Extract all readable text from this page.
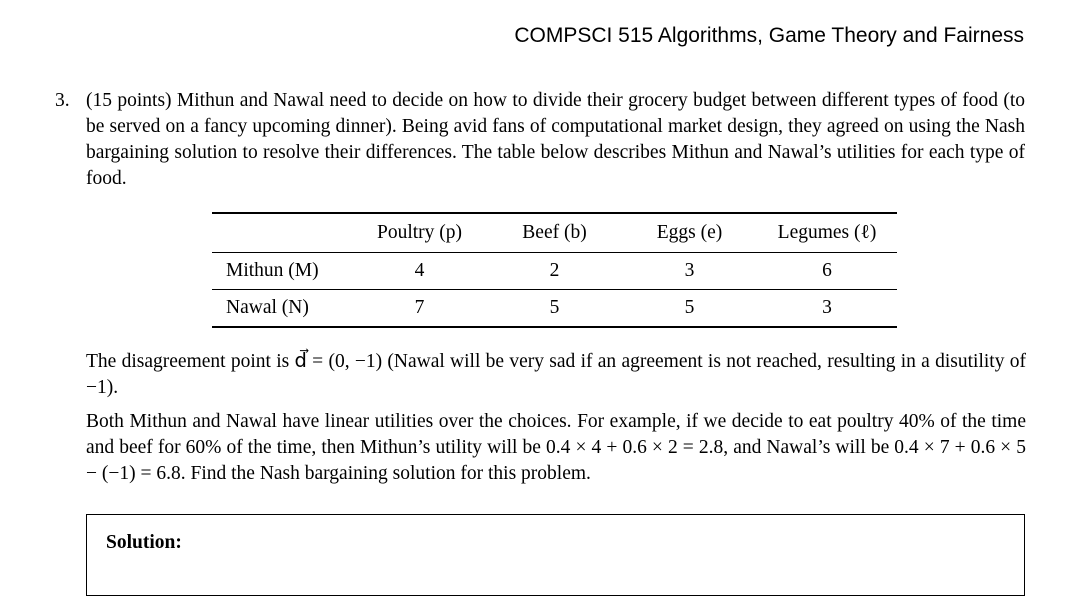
COMPSCI 515 Algorithms, Game Theory and Fairness
3. (15 points) Mithun and Nawal need to decide on how to divide their grocery budget between different types of food (to be served on a fancy upcoming dinner). Being avid fans of computational market design, they agreed on using the Nash bargaining solution to resolve their differences. The table below describes Mithun and Nawal’s utilities for each type of food.
	Poultry (p)	Beef (b)	Eggs (e)	Legumes (ℓ)
Mithun (M)	4	2	3	6
Nawal (N)	7	5	5	3
The disagreement point is d⃗ = (0, −1) (Nawal will be very sad if an agreement is not reached, resulting in a disutility of −1).
Both Mithun and Nawal have linear utilities over the choices. For example, if we decide to eat poultry 40% of the time and beef for 60% of the time, then Mithun’s utility will be 0.4 × 4 + 0.6 × 2 = 2.8, and Nawal’s will be 0.4 × 7 + 0.6 × 5 − (−1) = 6.8. Find the Nash bargaining solution for this problem.
Solution:
